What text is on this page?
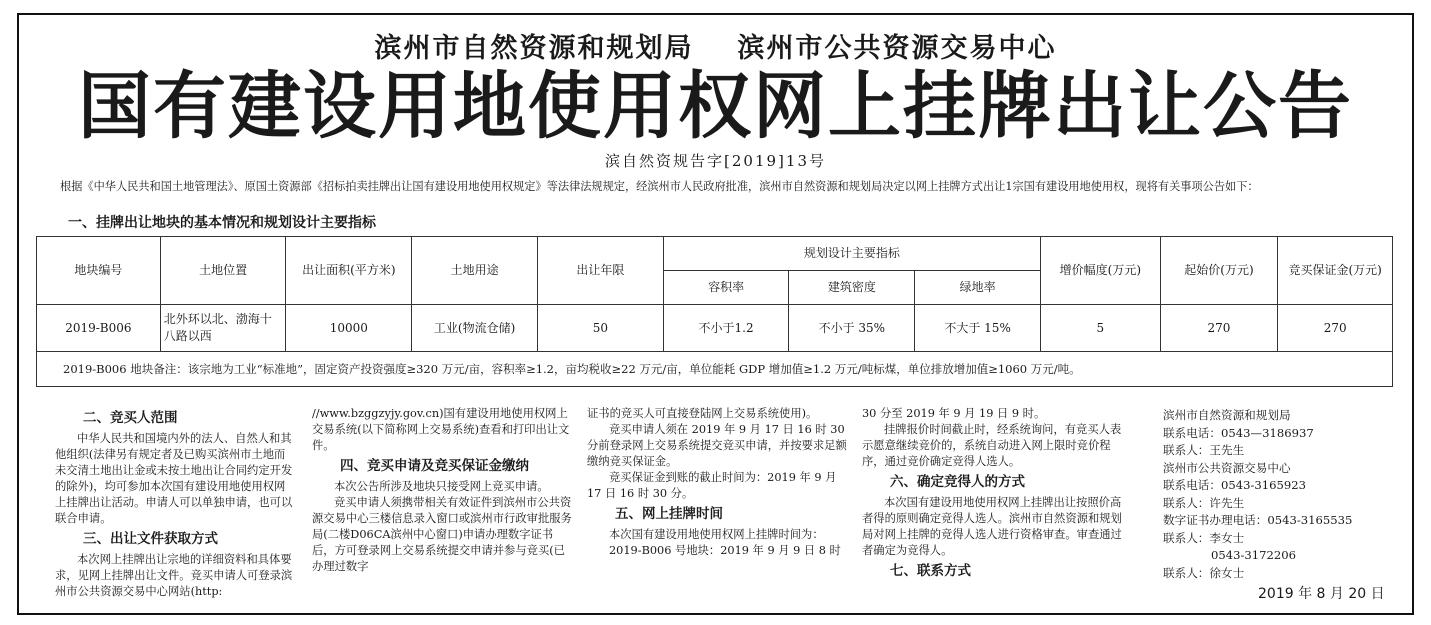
滨州市自然资源和规划局 滨州市公共资源交易中心
国有建设用地使用权网上挂牌出让公告
滨自然资规告字[2019]13号
根据《中华人民共和国土地管理法》、原国土资源部《招标拍卖挂牌出让国有建设用地使用权规定》等法律法规规定，经滨州市人民政府批准，滨州市自然资源和规划局决定以网上挂牌方式出让1宗国有建设用地使用权，现将有关事项公告如下：
一、挂牌出让地块的基本情况和规划设计主要指标
地块编号	土地位置	出让面积(平方米)	土地用途	出让年限	规划设计主要指标			增价幅度(万元)	起始价(万元)	竞买保证金(万元)
					容积率	建筑密度	绿地率			
2019-B006	北外环以北、渤海十八路以西	10000	工业(物流仓储)	50	不小于1.2	不小于 35%	不大于 15%	5	270	270
2019-B006 地块备注：该宗地为工业“标准地”，固定资产投资强度≥320 万元/亩，容积率≥1.2，亩均税收≥22 万元/亩，单位能耗 GDP 增加值≥1.2 万元/吨标煤，单位排放增加值≥1060 万元/吨。										
二、竞买人范围

中华人民共和国境内外的法人、自然人和其他组织(法律另有规定者及已购买滨州市土地而未交清土地出让金或未按土地出让合同约定开发的除外)，均可参加本次国有建设用地使用权网上挂牌出让活动。申请人可以单独申请，也可以联合申请。

三、出让文件获取方式

本次网上挂牌出让宗地的详细资料和具体要求，见网上挂牌出让文件。竞买申请人可登录滨州市公共资源交易中心网站(http:

//www.bzggzyjy.gov.cn)国有建设用地使用权网上交易系统(以下简称网上交易系统)查看和打印出让文件。

四、竞买申请及竞买保证金缴纳

本次公告所涉及地块只接受网上竞买申请。

竞买申请人须携带相关有效证件到滨州市公共资源交易中心三楼信息录入窗口或滨州市行政审批服务局(二楼D06CA滨州中心窗口)申请办理数字证书后，方可登录网上交易系统提交申请并参与竞买(已办理过数字

证书的竞买人可直接登陆网上交易系统使用)。

竞买申请人须在 2019 年 9 月 17 日 16 时 30 分前登录网上交易系统提交竞买申请，并按要求足额缴纳竞买保证金。

竞买保证金到账的截止时间为：2019 年 9 月 17 日 16 时 30 分。

五、网上挂牌时间

本次国有建设用地使用权网上挂牌时间为：

2019-B006 号地块：2019 年 9 月 9 日 8 时

30 分至 2019 年 9 月 19 日 9 时。

挂牌报价时间截止时，经系统询问，有竞买人表示愿意继续竞价的，系统自动进入网上限时竞价程序，通过竞价确定竞得人选人。

六、确定竞得人的方式

本次国有建设用地使用权网上挂牌出让按照价高者得的原则确定竞得人选人。滨州市自然资源和规划局对网上挂牌的竞得人选人进行资格审查。审查通过者确定为竞得人。

七、联系方式
滨州市自然资源和规划局
联系电话：0543—3186937
联系人：王先生
滨州市公共资源交易中心
联系电话：0543-3165923
联系人：许先生
数字证书办理电话：0543-3165535
联系人：李女士
0543-3172206
联系人：徐女士
2019 年 8 月 20 日
